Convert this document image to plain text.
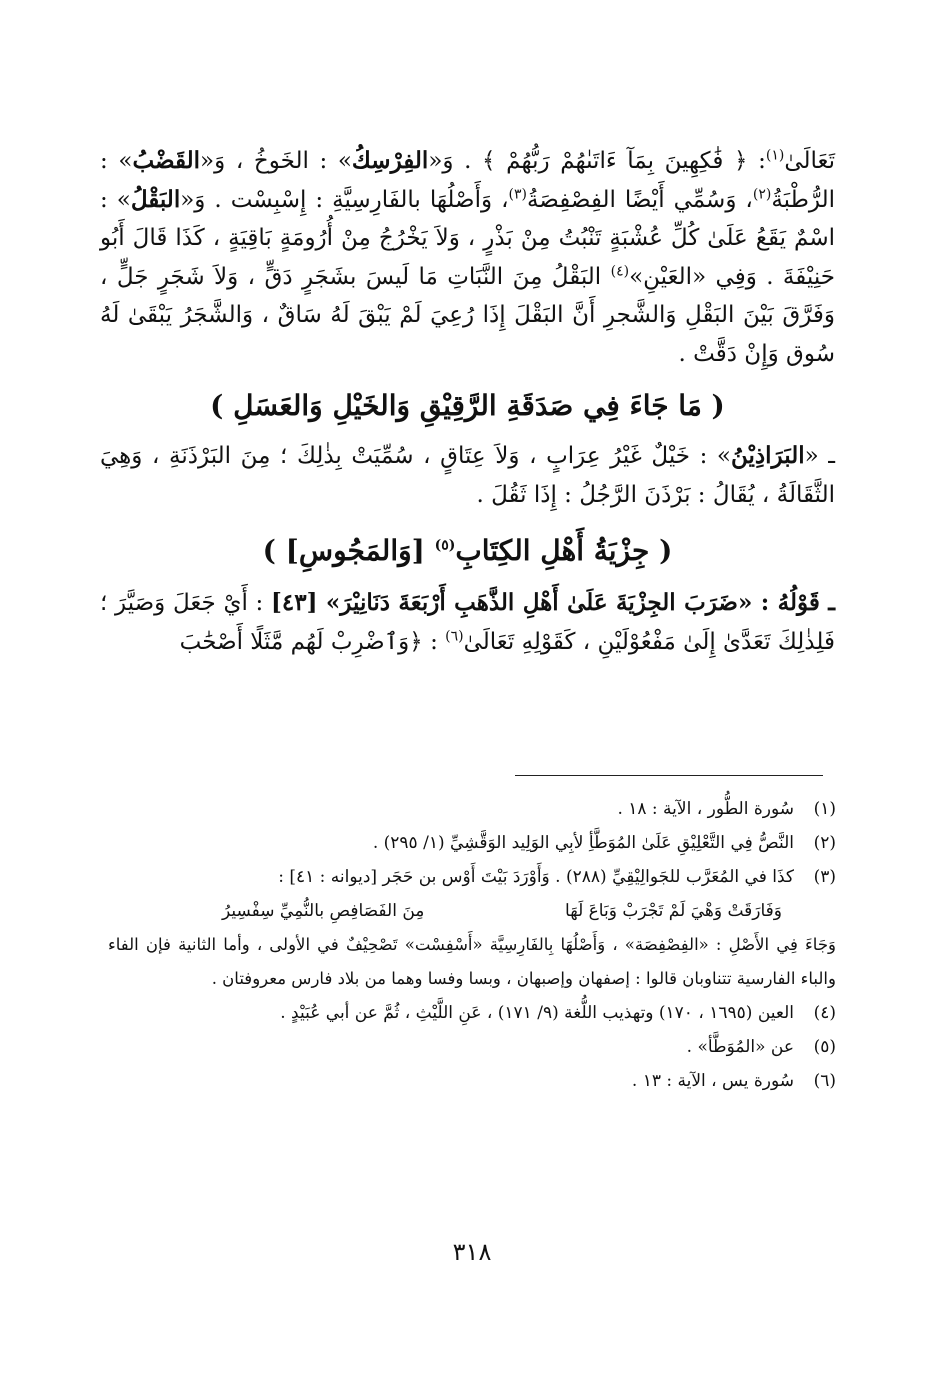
تَعَالَىٰ$^{(١)}$: ﴿ فَٰكِهِينَ بِمَآ ءَاتَىٰهُمْ رَبُّهُمْ ﴾ . وَ«الفِرْسِكُ» : الخَوخُ ، وَ«القَضْبُ» : الرُّطْبَةُ$^{(٢)}$، وَسُمِّي أَيْضًا الفِصْفِصَةُ$^{(٣)}$، وَأَصْلُهَا بالفَارِسِيَّةِ : إِسْبِسْت . وَ«البَقْلُ» : اسْمٌ يَقَعُ عَلَىٰ كُلِّ عُشْبَةٍ تَنْبُتُ مِنْ بَذْرٍ ، وَلاَ يَخْرُجُ مِنْ أُرُومَةٍ بَاقِيَةٍ ، كَذَا قَالَ أَبُو حَنِيْفَةَ . وَفِي «العَيْنِ»$^{(٤)}$ البَقْلُ مِنَ النَّبَاتِ مَا لَيسَ بشَجَرٍ دَقٍّ ، وَلاَ شَجَرٍ جَلٍّ ، وَفَرَّقَ بَيْنَ البَقْلِ وَالشَّجرِ أَنَّ البَقْلَ إِذَا رُعِيَ لَمْ يَبْقَ لَهُ سَاقٌ ، وَالشَّجَرُ يَبْقَىٰ لَهُ سُوق وَإِنْ دَقَّتْ .

( مَا جَاءَ فِي صَدَقَةِ الرَّقِيْقِ وَالخَيْلِ وَالعَسَلِ )

ـ «البَرَاذِيْنُ» : خَيْلٌ غَيْرُ عِرَابٍ ، وَلاَ عِتَاقٍ ، سُمِّيَتْ بِذٰلِكَ ؛ مِنَ البَرْذَنَةِ ، وَهِيَ الثَّقَالَةُ ، يُقَالُ : بَرْذَنَ الرَّجُلُ : إِذَا ثَقُلَ .

( جِزْيَةُ أَهْلِ الكِتَابِ$^{(٥)}$ [وَالمَجُوسِ] )

ـ قَوْلُهُ : «ضَرَبَ الجِزْيَةَ عَلَىٰ أَهْلِ الذَّهَبِ أَرْبَعَةَ دَنَانِيْرَ» [٤٣] : أَيْ جَعَلَ وَصَيَّرَ ؛ فَلِذٰلِكَ تَعَدَّىٰ إِلَىٰ مَفْعُوْلَيْنِ ، كَقَوْلِهِ تَعَالَىٰ$^{(٦)}$ : ﴿وَٱضْرِبْ لَهُم مَّثَلًا أَصْحَٰبَ

(١)
سُورة الطُّور ، الآية : ١٨ .
(٢)
النَّصُّ فِي التَّعْلِيْقِ عَلَىٰ المُوَطَّأِ لأبِي الوَلِيد الوَقَّشِيِّ (١/ ٢٩٥) .
(٣)
كذَا في المُعَرَّب للجَوالِيْقِيِّ (٢٨٨) . وَأَوْرَدَ بَيْتَ أَوْس بن حَجَر [ديوانه : ٤١] :
وَفَارَقَتْ وَهْيَ لَمْ تَجْرَبْ وَبَاعَ لَهَا
مِنَ الفَصَافِصِ بالنُّمِيِّ سِفْسِيرُ
وَجَاءَ فِي الأَصْلِ : «الفِصْفِصَة» ، وَأَصْلُهَا بِالفَارِسِيَّة «أَسْفِسْت» تَصْحِيْفٌ في الأولى ، وأما الثانية فإن الفاء والباء الفارسية تتناوبان قالوا : إصفهان وإصبهان ، وبسا وفسا وهما من بلاد فارس معروفتان .
(٤)
العين (١٦٩٥ ، ١٧٠) وتهذيب اللُّغة (٩/ ١٧١) ، عَنِ اللَّيْثِ ، ثُمَّ عن أبي عُبَيْدٍ .
(٥)
عن «المُوَطَّأ» .
(٦)
سُورة يس ، الآية : ١٣ .
٣١٨
